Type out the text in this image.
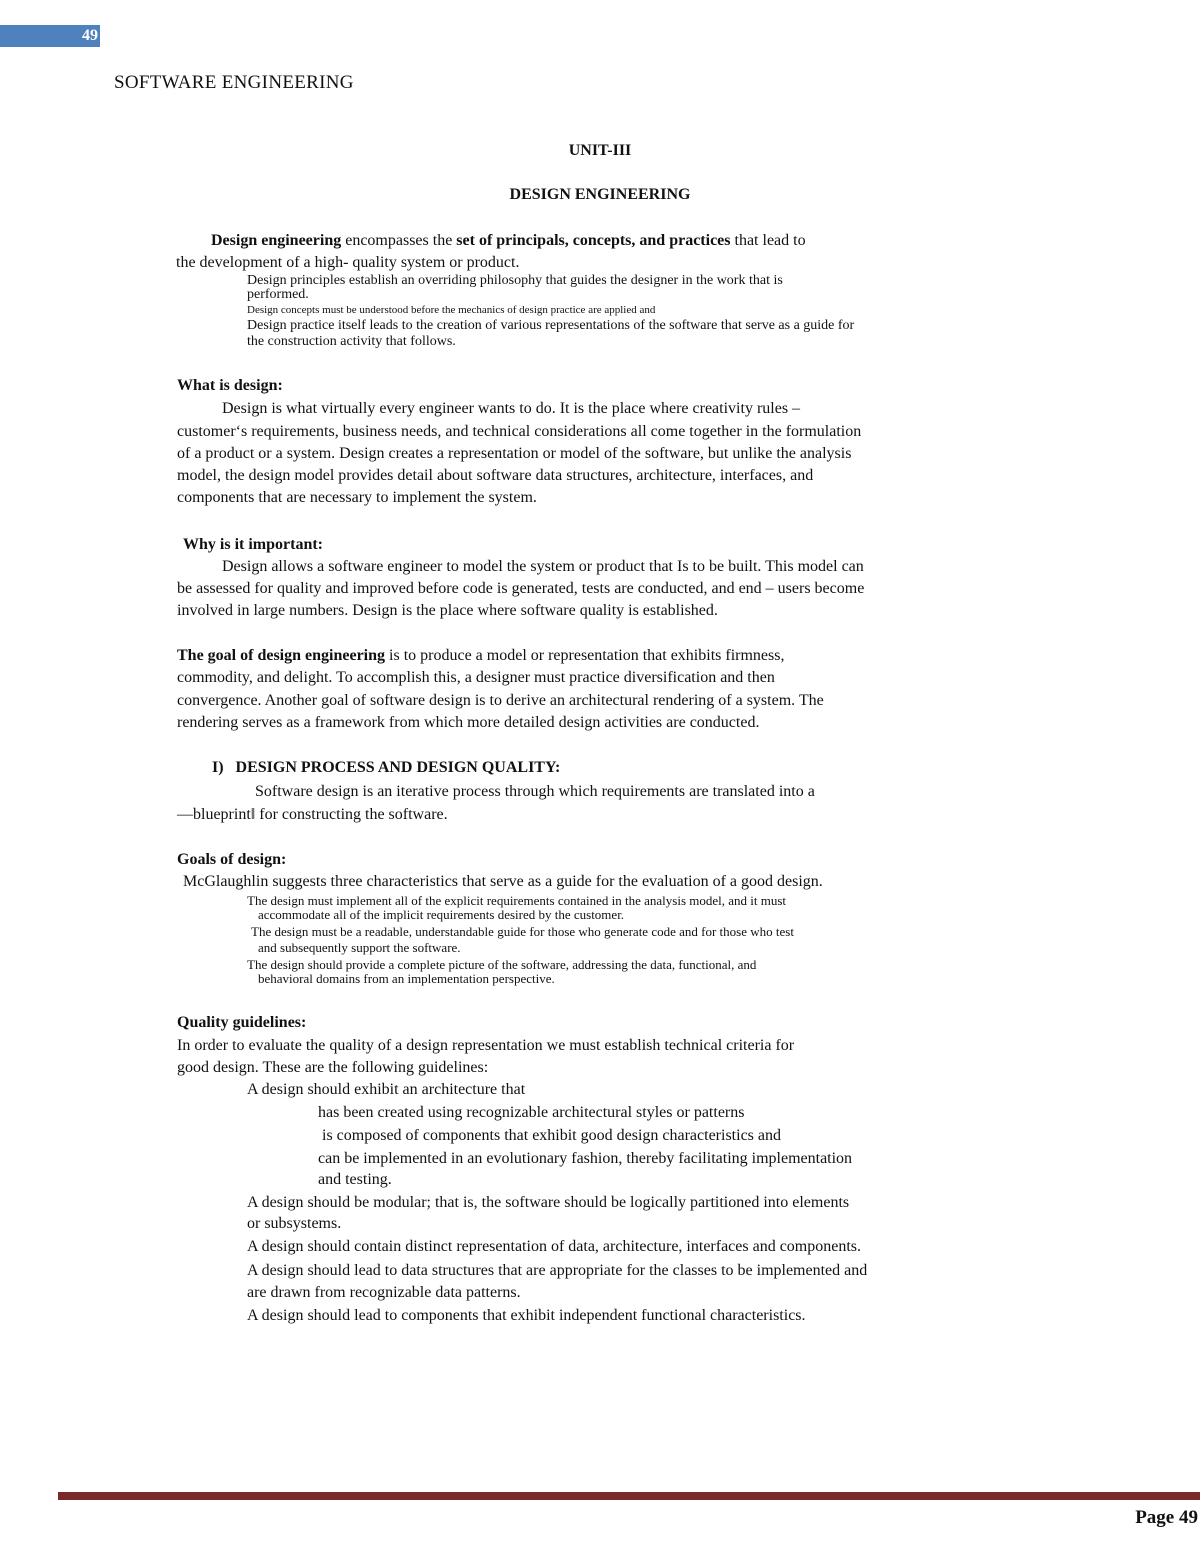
49
SOFTWARE ENGINEERING
UNIT-III
DESIGN ENGINEERING
Design engineering encompasses the set of principals, concepts, and practices that lead to
the development of a high- quality system or product.
Design principles establish an overriding philosophy that guides the designer in the work that is
performed.
Design concepts must be understood before the mechanics of design practice are applied and
Design practice itself leads to the creation of various representations of the software that serve as a guide for
the construction activity that follows.
What is design:
Design is what virtually every engineer wants to do. It is the place where creativity rules –
customer‘s requirements, business needs, and technical considerations all come together in the formulation
of a product or a system. Design creates a representation or model of the software, but unlike the analysis
model, the design model provides detail about software data structures, architecture, interfaces, and
components that are necessary to implement the system.
Why is it important:
Design allows a software engineer to model the system or product that Is to be built. This model can
be assessed for quality and improved before code is generated, tests are conducted, and end – users become
involved in large numbers. Design is the place where software quality is established.
The goal of design engineering is to produce a model or representation that exhibits firmness,
commodity, and delight. To accomplish this, a designer must practice diversification and then
convergence. Another goal of software design is to derive an architectural rendering of a system. The
rendering serves as a framework from which more detailed design activities are conducted.
I)   DESIGN PROCESS AND DESIGN QUALITY:
Software design is an iterative process through which requirements are translated into a
―blueprint‖ for constructing the software.
Goals of design:
McGlaughlin suggests three characteristics that serve as a guide for the evaluation of a good design.
The design must implement all of the explicit requirements contained in the analysis model, and it must
accommodate all of the implicit requirements desired by the customer.
The design must be a readable, understandable guide for those who generate code and for those who test
and subsequently support the software.
The design should provide a complete picture of the software, addressing the data, functional, and
behavioral domains from an implementation perspective.
Quality guidelines:
In order to evaluate the quality of a design representation we must establish technical criteria for
good design. These are the following guidelines:
A design should exhibit an architecture that
has been created using recognizable architectural styles or patterns
is composed of components that exhibit good design characteristics and
can be implemented in an evolutionary fashion, thereby facilitating implementation
and testing.
A design should be modular; that is, the software should be logically partitioned into elements
or subsystems.
A design should contain distinct representation of data, architecture, interfaces and components.
A design should lead to data structures that are appropriate for the classes to be implemented and
are drawn from recognizable data patterns.
A design should lead to components that exhibit independent functional characteristics.
Page 49
